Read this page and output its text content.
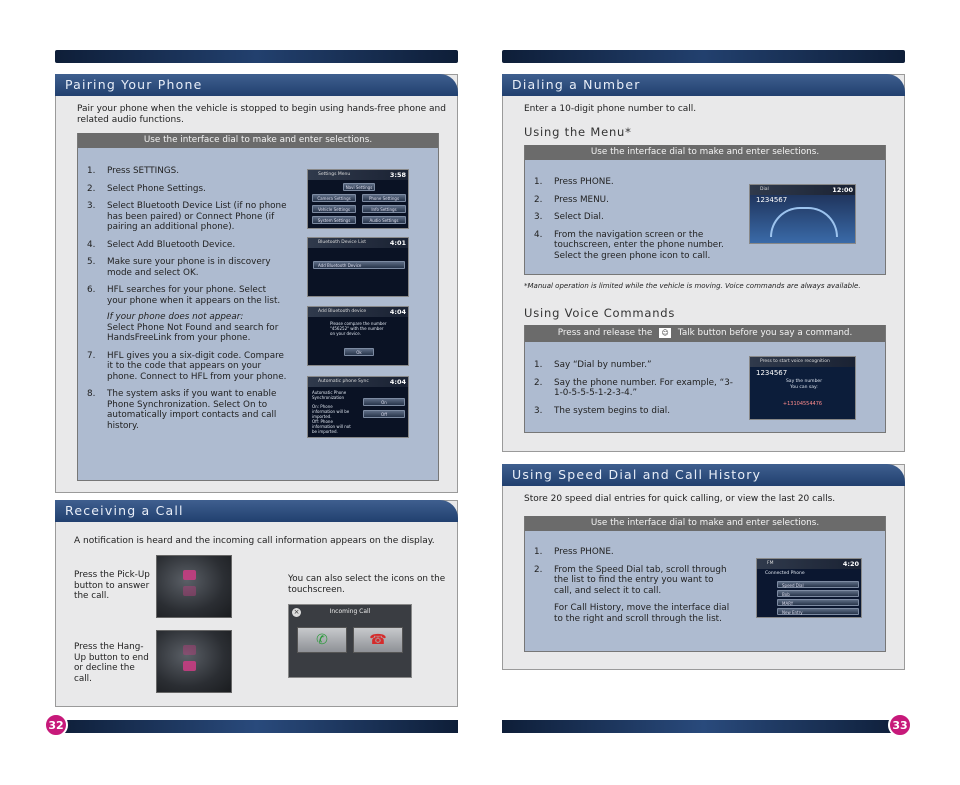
32	33
Pairing Your Phone
Pair your phone when the vehicle is stopped to begin using hands-free phone and related audio functions.
Use the interface dial to make and enter selections.
1. Press SETTINGS.
2. Select Phone Settings.
3. Select Bluetooth Device List (if no phone has been paired) or Connect Phone (if pairing an additional phone).
4. Select Add Bluetooth Device.
5. Make sure your phone is in discovery mode and select OK.
6. HFL searches for your phone. Select your phone when it appears on the list.
If your phone does not appear:
Select Phone Not Found and search for HandsFreeLink from your phone.
7. HFL gives you a six-digit code. Compare it to the code that appears on your phone. Connect to HFL from your phone.
8. The system asks if you want to enable Phone Synchronization. Select On to automatically import contacts and call history.
Settings Menu	3:58
Navi Settings
Camera Settings	Phone Settings
Vehicle Settings	Info Settings
System Settings	Audio Settings
Bluetooth Device List	4:01
Add Bluetooth Device
Add Bluetooth device	4:04
Please compare the number "456252" with the number on your device.
Ok
Automatic phone Sync	4:04
Automatic Phone Synchronization
On: Phone information will be imported.
Off: Phone information will not be imported.
On
Off
Receiving a Call
A notification is heard and the incoming call information appears on the display.
Press the Pick-Up button to answer the call.
Press the Hang-Up button to end or decline the call.
You can also select the icons on the touchscreen.
×	Incoming Call
✆	☎
Dialing a Number
Enter a 10-digit phone number to call.
Using the Menu*
Use the interface dial to make and enter selections.
1. Press PHONE.
2. Press MENU.
3. Select Dial.
4. From the navigation screen or the touchscreen, enter the phone number. Select the green phone icon to call.
Dial	12:00
1234567
*Manual operation is limited while the vehicle is moving. Voice commands are always available.
Using Voice Commands
Press and release the ☺ Talk button before you say a command.
1. Say “Dial by number.”
2. Say the phone number. For example, “3-1-0-5-5-5-1-2-3-4.”
3. The system begins to dial.
Press to start voice recognition
1234567
Say the number You can say:
+13104554476
Using Speed Dial and Call History
Store 20 speed dial entries for quick calling, or view the last 20 calls.
Use the interface dial to make and enter selections.
1. Press PHONE.
2. From the Speed Dial tab, scroll through the list to find the entry you want to call, and select it to call.
For Call History, move the interface dial to the right and scroll through the list.
FM	4:20
Connected Phone
Speed Dial
Bob
MARY
New Entry
